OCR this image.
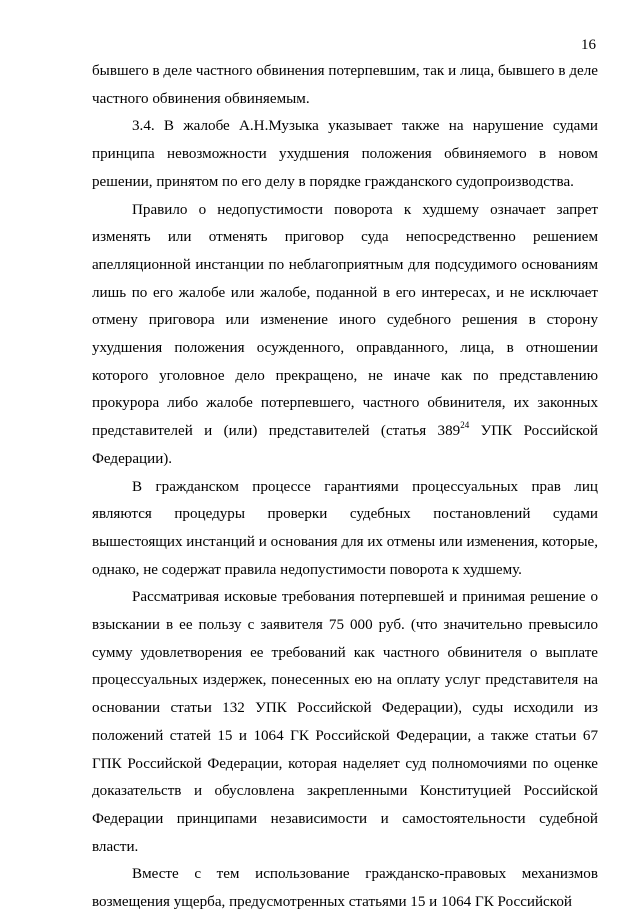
16

бывшего в деле частного обвинения потерпевшим, так и лица, бывшего в деле частного обвинения обвиняемым.

3.4. В жалобе А.Н.Музыка указывает также на нарушение судами принципа невозможности ухудшения положения обвиняемого в новом решении, принятом по его делу в порядке гражданского судопроизводства.

Правило о недопустимости поворота к худшему означает запрет изменять или отменять приговор суда непосредственно решением апелляционной инстанции по неблагоприятным для подсудимого основаниям лишь по его жалобе или жалобе, поданной в его интересах, и не исключает отмену приговора или изменение иного судебного решения в сторону ухудшения положения осужденного, оправданного, лица, в отношении которого уголовное дело прекращено, не иначе как по представлению прокурора либо жалобе потерпевшего, частного обвинителя, их законных представителей и (или) представителей (статья $389^{24}$ УПК Российской Федерации).

В гражданском процессе гарантиями процессуальных прав лиц являются процедуры проверки судебных постановлений судами вышестоящих инстанций и основания для их отмены или изменения, которые, однако, не содержат правила недопустимости поворота к худшему.

Рассматривая исковые требования потерпевшей и принимая решение о взыскании в ее пользу с заявителя 75 000 руб. (что значительно превысило сумму удовлетворения ее требований как частного обвинителя о выплате процессуальных издержек, понесенных ею на оплату услуг представителя на основании статьи 132 УПК Российской Федерации), суды исходили из положений статей 15 и 1064 ГК Российской Федерации, а также статьи 67 ГПК Российской Федерации, которая наделяет суд полномочиями по оценке доказательств и обусловлена закрепленными Конституцией Российской Федерации принципами независимости и самостоятельности судебной власти.

Вместе с тем использование гражданско-правовых механизмов возмещения ущерба, предусмотренных статьями 15 и 1064 ГК Российской
